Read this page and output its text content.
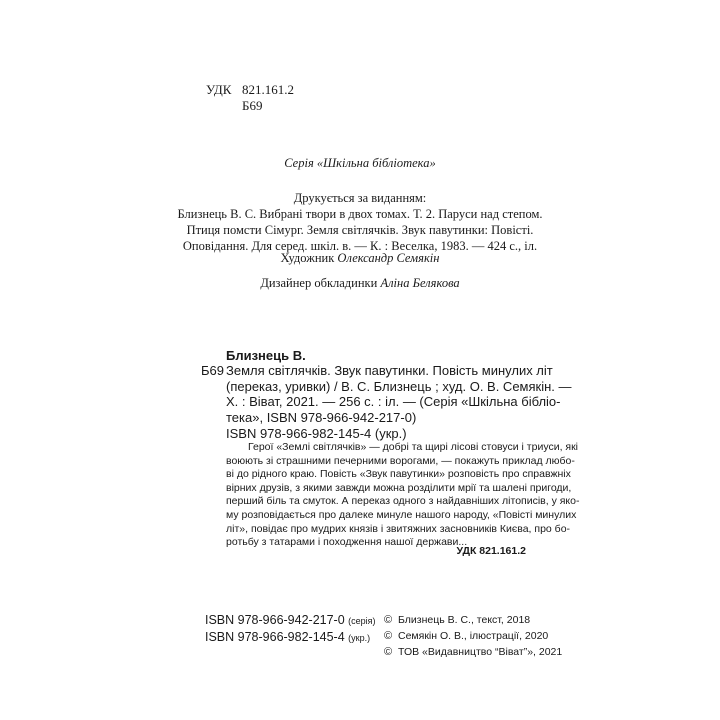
УДК 821.161.2
Б69
Серія «Шкільна бібліотека»
Друкується за виданням:
Близнець В. С. Вибрані твори в двох томах. Т. 2. Паруси над степом.
Птиця помсти Сімург. Земля світлячків. Звук павутинки: Повісті.
Оповідання. Для серед. шкіл. в. — К. : Веселка, 1983. — 424 с., іл.
Художник Олександр Семякін
Дизайнер обкладинки Аліна Белякова
Близнець В.
Б69 Земля світлячків. Звук павутинки. Повість минулих літ
(переказ, уривки) / В. С. Близнець ; худ. О. В. Семякін. —
Х. : Віват, 2021. — 256 с. : іл. — (Серія «Шкільна бібліо-
тека», ISBN 978-966-942-217-0)
ISBN 978-966-982-145-4 (укр.)
Герої «Землі світлячків» — добрі та щирі лісові стовуси і триуси, які
воюють зі страшними печерними ворогами, — покажуть приклад любо-
ві до рідного краю. Повість «Звук павутинки» розповість про справжніх
вірних друзів, з якими завжди можна розділити мрії та шалені пригоди,
перший біль та смуток. А переказ одного з найдавніших літописів, у яко-
му розповідається про далеке минуле нашого народу, «Повісті минулих
літ», повідає про мудрих князів і звитяжних засновників Києва, про бо-
ротьбу з татарами і походження нашої держави...
УДК 821.161.2
ISBN 978-966-942-217-0 (серія)
ISBN 978-966-982-145-4 (укр.)
© Близнець В. С., текст, 2018
© Семякін О. В., ілюстрації, 2020
© ТОВ «Видавництво “Віват”», 2021
